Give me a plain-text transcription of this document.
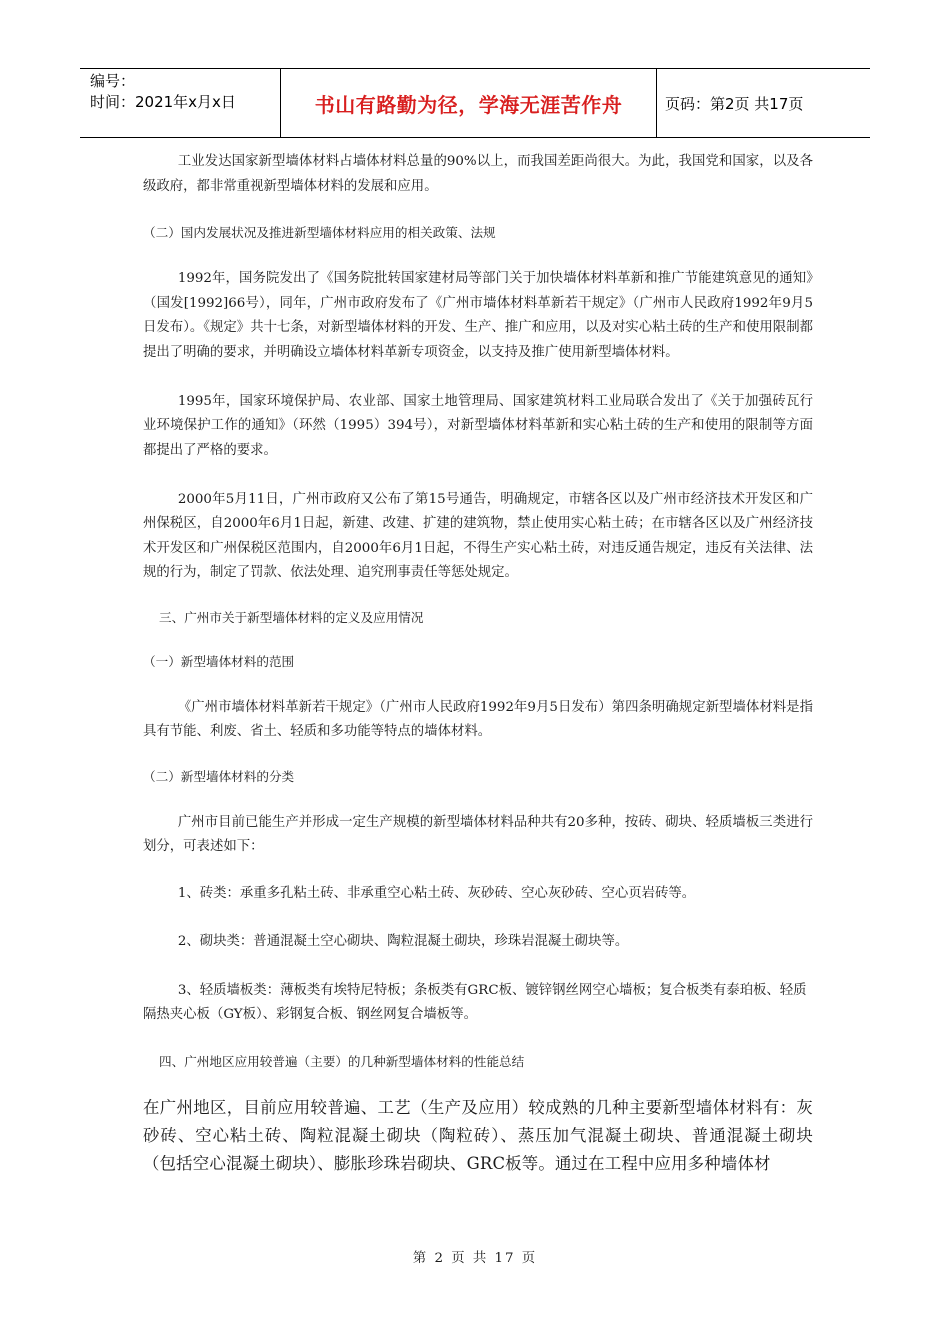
编号：
时间：2021年x月x日	书山有路勤为径，学海无涯苦作舟	页码：第2页 共17页

工业发达国家新型墙体材料占墙体材料总量的90%以上，而我国差距尚很大。为此，我国党和国家，以及各级政府，都非常重视新型墙体材料的发展和应用。

（二）国内发展状况及推进新型墙体材料应用的相关政策、法规

1992年，国务院发出了《国务院批转国家建材局等部门关于加快墙体材料革新和推广节能建筑意见的通知》（国发[1992]66号），同年，广州市政府发布了《广州市墙体材料革新若干规定》（广州市人民政府1992年9月5日发布）。《规定》共十七条，对新型墙体材料的开发、生产、推广和应用，以及对实心粘土砖的生产和使用限制都提出了明确的要求，并明确设立墙体材料革新专项资金，以支持及推广使用新型墙体材料。

1995年，国家环境保护局、农业部、国家土地管理局、国家建筑材料工业局联合发出了《关于加强砖瓦行业环境保护工作的通知》（环然（1995）394号），对新型墙体材料革新和实心粘土砖的生产和使用的限制等方面都提出了严格的要求。

2000年5月11日，广州市政府又公布了第15号通告，明确规定，市辖各区以及广州市经济技术开发区和广州保税区，自2000年6月1日起，新建、改建、扩建的建筑物，禁止使用实心粘土砖；在市辖各区以及广州经济技术开发区和广州保税区范围内，自2000年6月1日起，不得生产实心粘土砖，对违反通告规定，违反有关法律、法规的行为，制定了罚款、依法处理、追究刑事责任等惩处规定。

三、广州市关于新型墙体材料的定义及应用情况

（一）新型墙体材料的范围

《广州市墙体材料革新若干规定》（广州市人民政府1992年9月5日发布）第四条明确规定新型墙体材料是指具有节能、利废、省土、轻质和多功能等特点的墙体材料。

（二）新型墙体材料的分类

广州市目前已能生产并形成一定生产规模的新型墙体材料品种共有20多种，按砖、砌块、轻质墙板三类进行划分，可表述如下：

1、砖类：承重多孔粘土砖、非承重空心粘土砖、灰砂砖、空心灰砂砖、空心页岩砖等。

2、砌块类：普通混凝土空心砌块、陶粒混凝土砌块，珍珠岩混凝土砌块等。

3、轻质墙板类：薄板类有埃特尼特板；条板类有GRC板、镀锌钢丝网空心墙板；复合板类有泰珀板、轻质隔热夹心板（GY板）、彩钢复合板、钢丝网复合墙板等。

四、广州地区应用较普遍（主要）的几种新型墙体材料的性能总结

在广州地区，目前应用较普遍、工艺（生产及应用）较成熟的几种主要新型墙体材料有：灰砂砖、空心粘土砖、陶粒混凝土砌块（陶粒砖）、蒸压加气混凝土砌块、普通混凝土砌块（包括空心混凝土砌块）、膨胀珍珠岩砌块、GRC板等。通过在工程中应用多种墙体材

第 2 页 共 17 页
